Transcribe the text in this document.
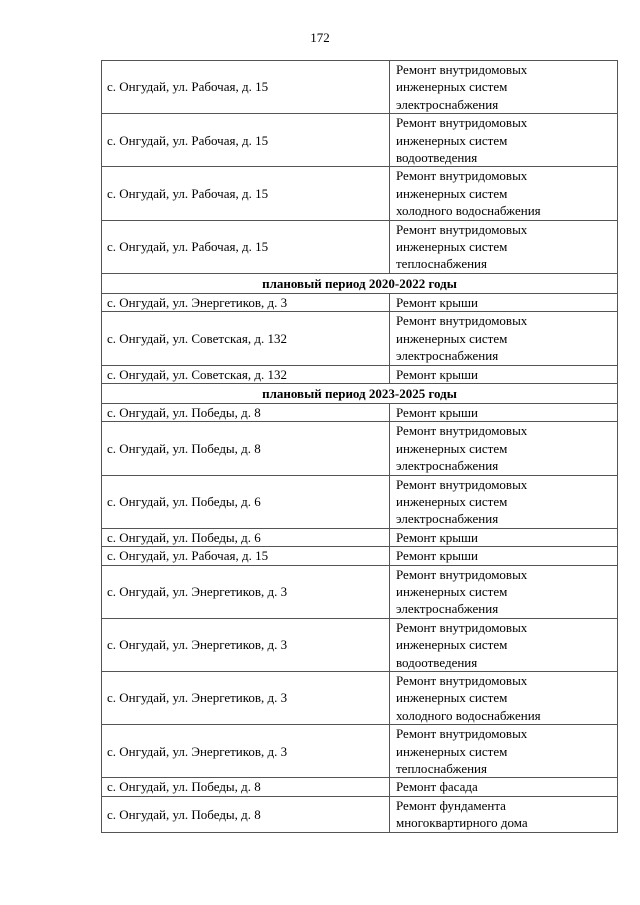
172
с. Онгудай, ул. Рабочая, д. 15	Ремонт внутридомовых
инженерных систем
электроснабжения

с. Онгудай, ул. Рабочая, д. 15	Ремонт внутридомовых
инженерных систем
водоотведения

с. Онгудай, ул. Рабочая, д. 15	Ремонт внутридомовых
инженерных систем
холодного водоснабжения

с. Онгудай, ул. Рабочая, д. 15	Ремонт внутридомовых
инженерных систем
теплоснабжения

плановый период 2020-2022 годы	
с. Онгудай, ул. Энергетиков, д. 3	Ремонт крыши

с. Онгудай, ул. Советская, д. 132	Ремонт внутридомовых
инженерных систем
электроснабжения

с. Онгудай, ул. Советская, д. 132	Ремонт крыши

плановый период 2023-2025 годы	
с. Онгудай, ул. Победы, д. 8	Ремонт крыши

с. Онгудай, ул. Победы, д. 8	Ремонт внутридомовых
инженерных систем
электроснабжения

с. Онгудай, ул. Победы, д. 6	Ремонт внутридомовых
инженерных систем
электроснабжения

с. Онгудай, ул. Победы, д. 6	Ремонт крыши

с. Онгудай, ул. Рабочая, д. 15	Ремонт крыши

с. Онгудай, ул. Энергетиков, д. 3	Ремонт внутридомовых
инженерных систем
электроснабжения

с. Онгудай, ул. Энергетиков, д. 3	Ремонт внутридомовых
инженерных систем
водоотведения

с. Онгудай, ул. Энергетиков, д. 3	Ремонт внутридомовых
инженерных систем
холодного водоснабжения

с. Онгудай, ул. Энергетиков, д. 3	Ремонт внутридомовых
инженерных систем
теплоснабжения

с. Онгудай, ул. Победы, д. 8	Ремонт фасада

с. Онгудай, ул. Победы, д. 8	Ремонт фундамента
многоквартирного дома
